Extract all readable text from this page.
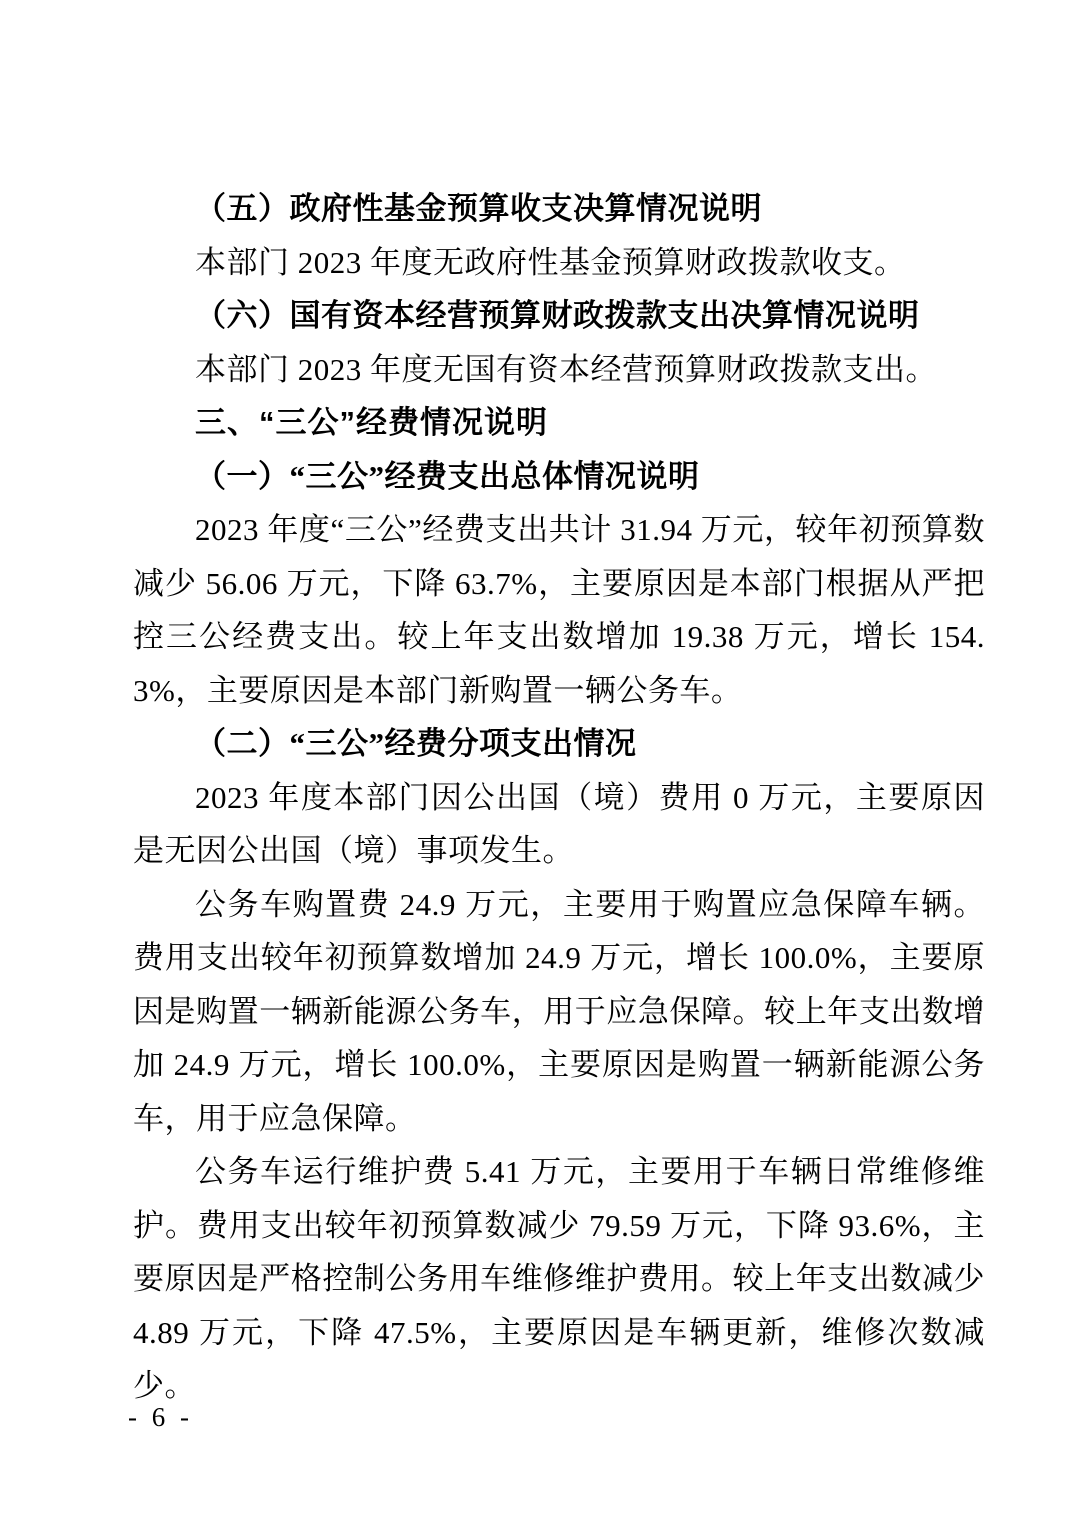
（五）政府性基金预算收支决算情况说明

本部门 2023 年度无政府性基金预算财政拨款收支。

（六）国有资本经营预算财政拨款支出决算情况说明

本部门 2023 年度无国有资本经营预算财政拨款支出。

三、“三公”经费情况说明

（一）“三公”经费支出总体情况说明

2023 年度“三公”经费支出共计 31.94 万元，较年初预算数减少 56.06 万元，下降 63.7%，主要原因是本部门根据从严把控三公经费支出。较上年支出数增加 19.38 万元，增长 154.3%，主要原因是本部门新购置一辆公务车。

（二）“三公”经费分项支出情况

2023 年度本部门因公出国（境）费用 0 万元，主要原因是无因公出国（境）事项发生。

公务车购置费 24.9 万元，主要用于购置应急保障车辆。费用支出较年初预算数增加 24.9 万元，增长 100.0%，主要原因是购置一辆新能源公务车，用于应急保障。较上年支出数增加 24.9 万元，增长 100.0%，主要原因是购置一辆新能源公务车，用于应急保障。

公务车运行维护费 5.41 万元，主要用于车辆日常维修维护。费用支出较年初预算数减少 79.59 万元，下降 93.6%，主要原因是严格控制公务用车维修维护费用。较上年支出数减少 4.89 万元，下降 47.5%，主要原因是车辆更新，维修次数减少。

- 6 -
